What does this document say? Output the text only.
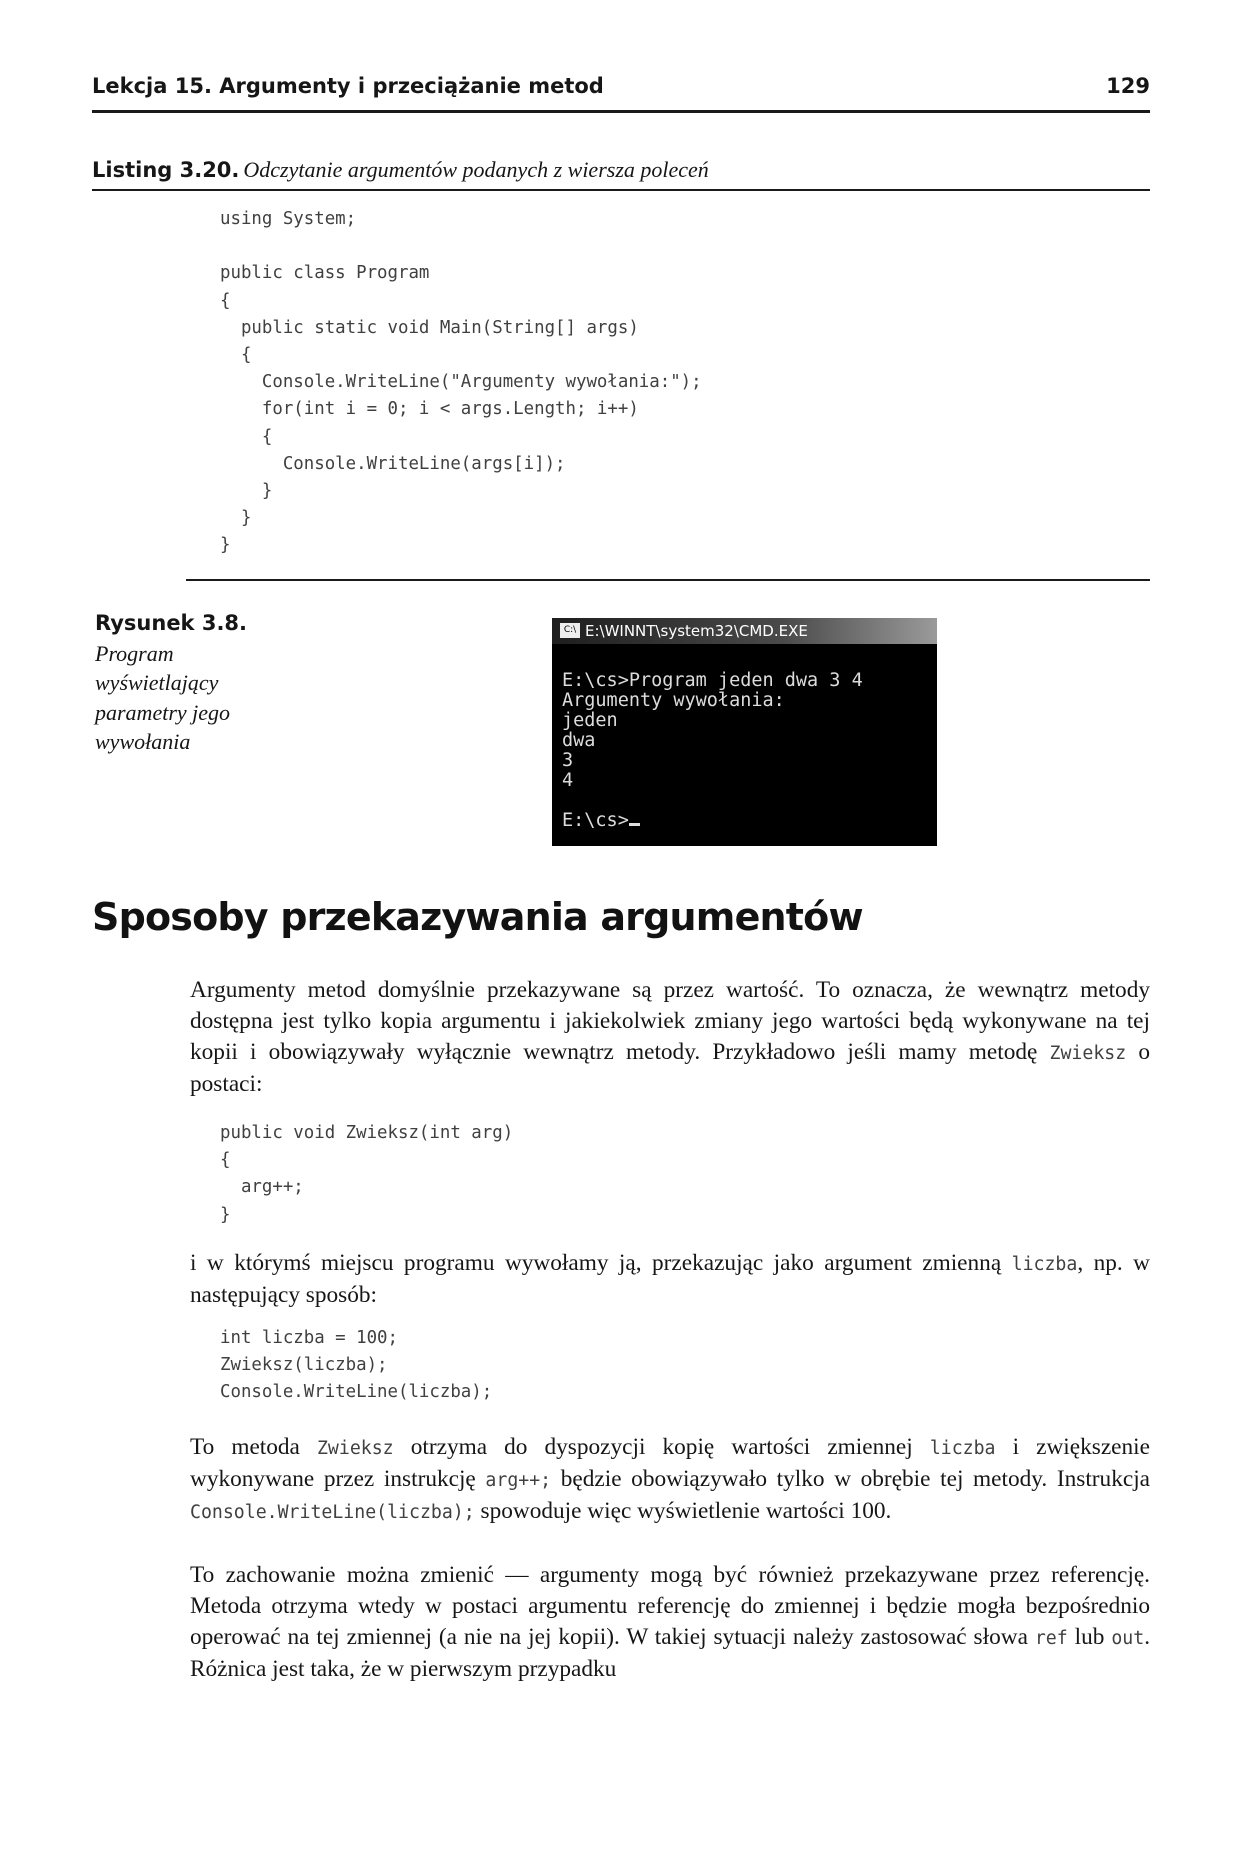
Lekcja 15. Argumenty i przeciążanie metod	129
Listing 3.20. Odczytanie argumentów podanych z wiersza poleceń
using System;

public class Program
{
public static void Main(String[] args)
{
Console.WriteLine("Argumenty wywołania:");
for(int i = 0; i < args.Length; i++)
{
Console.WriteLine(args[i]);
}
}
}
Rysunek 3.8.
Program wyświetlający parametry jego wywołania
C:\ E:\WINNT\system32\CMD.EXE
E:\cs>Program jeden dwa 3 4
Argumenty wywołania:
jeden
dwa
3
4

E:\cs>
Sposoby przekazywania argumentów
Argumenty metod domyślnie przekazywane są przez wartość. To oznacza, że wewnątrz metody dostępna jest tylko kopia argumentu i jakiekolwiek zmiany jego wartości będą wykonywane na tej kopii i obowiązywały wyłącznie wewnątrz metody. Przykładowo jeśli mamy metodę Zwieksz o postaci:
public void Zwieksz(int arg)
{
arg++;
}
i w którymś miejscu programu wywołamy ją, przekazując jako argument zmienną liczba, np. w następujący sposób:
int liczba = 100;
Zwieksz(liczba);
Console.WriteLine(liczba);
To metoda Zwieksz otrzyma do dyspozycji kopię wartości zmiennej liczba i zwiększenie wykonywane przez instrukcję arg++; będzie obowiązywało tylko w obrębie tej metody. Instrukcja Console.WriteLine(liczba); spowoduje więc wyświetlenie wartości 100.
To zachowanie można zmienić — argumenty mogą być również przekazywane przez referencję. Metoda otrzyma wtedy w postaci argumentu referencję do zmiennej i będzie mogła bezpośrednio operować na tej zmiennej (a nie na jej kopii). W takiej sytuacji należy zastosować słowa ref lub out. Różnica jest taka, że w pierwszym przypadku
